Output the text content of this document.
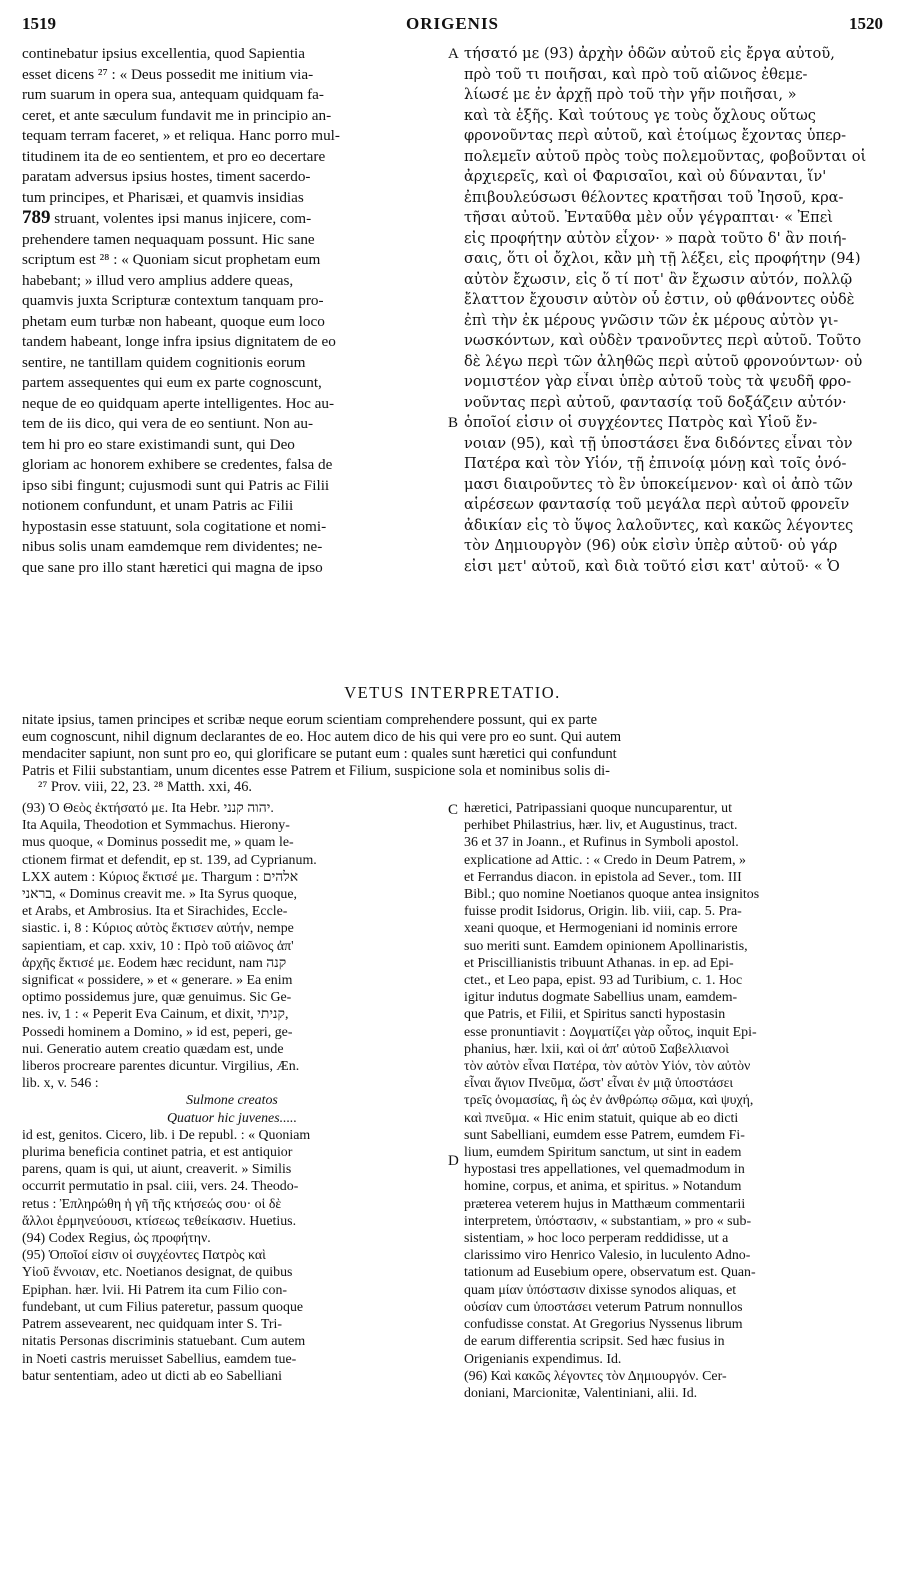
1519	ORIGENIS	1520
A
B
C
D
continebatur ipsius excellentia, quod Sapientia
esset dicens ²⁷ : « Deus possedit me initium via-
rum suarum in opera sua, antequam quidquam fa-
ceret, et ante sæculum fundavit me in principio an-
tequam terram faceret, » et reliqua. Hanc porro mul-
titudinem ita de eo sentientem, et pro eo decertare
paratam adversus ipsius hostes, timent sacerdo-
tum principes, et Pharisæi, et quamvis insidias
789 struant, volentes ipsi manus injicere, com-
prehendere tamen nequaquam possunt. Hic sane
scriptum est ²⁸ : « Quoniam sicut prophetam eum
habebant; » illud vero amplius addere queas,
quamvis juxta Scripturæ contextum tanquam pro-
phetam eum turbæ non habeant, quoque eum loco
tandem habeant, longe infra ipsius dignitatem de eo
sentire, ne tantillam quidem cognitionis eorum
partem assequentes qui eum ex parte cognoscunt,
neque de eo quidquam aperte intelligentes. Hoc au-
tem de iis dico, qui vera de eo sentiunt. Non au-
tem hi pro eo stare existimandi sunt, qui Deo
gloriam ac honorem exhibere se credentes, falsa de
ipso sibi fingunt; cujusmodi sunt qui Patris ac Filii
notionem confundunt, et unam Patris ac Filii
hypostasin esse statuunt, sola cogitatione et nomi-
nibus solis unam eamdemque rem dividentes; ne-
que sane pro illo stant hæretici qui magna de ipso
τήσατό με (93) ἀρχὴν ὁδῶν αὐτοῦ εἰς ἔργα αὐτοῦ,
πρὸ τοῦ τι ποιῆσαι, καὶ πρὸ τοῦ αἰῶνος ἐθεμε-
λίωσέ με ἐν ἀρχῇ πρὸ τοῦ τὴν γῆν ποιῆσαι, »
καὶ τὰ ἑξῆς. Καὶ τούτους γε τοὺς ὄχλους οὕτως
φρονοῦντας περὶ αὐτοῦ, καὶ ἑτοίμως ἔχοντας ὑπερ-
πολεμεῖν αὐτοῦ πρὸς τοὺς πολεμοῦντας, φοβοῦνται οἱ
ἀρχιερεῖς, καὶ οἱ Φαρισαῖοι, καὶ οὐ δύνανται, ἵν'
ἐπιβουλεύσωσι θέλοντες κρατῆσαι τοῦ Ἰησοῦ, κρα-
τῆσαι αὐτοῦ. Ἐνταῦθα μὲν οὖν γέγραπται· « Ἐπεὶ
εἰς προφήτην αὐτὸν εἶχον· » παρὰ τοῦτο δ' ἂν ποιή-
σαις, ὅτι οἱ ὄχλοι, κἂν μὴ τῇ λέξει, εἰς προφήτην (94)
αὐτὸν ἔχωσιν, εἰς ὅ τί ποτ' ἂν ἔχωσιν αὐτόν, πολλῷ
ἔλαττον ἔχουσιν αὐτὸν οὗ ἐστιν, οὐ φθάνοντες οὐδὲ
ἐπὶ τὴν ἐκ μέρους γνῶσιν τῶν ἐκ μέρους αὐτὸν γι-
νωσκόντων, καὶ οὐδὲν τρανοῦντες περὶ αὐτοῦ. Τοῦτο
δὲ λέγω περὶ τῶν ἀληθῶς περὶ αὐτοῦ φρονούντων· οὐ
νομιστέον γὰρ εἶναι ὑπὲρ αὐτοῦ τοὺς τὰ ψευδῆ φρο-
νοῦντας περὶ αὐτοῦ, φαντασίᾳ τοῦ δοξάζειν αὐτόν·
ὁποῖοί εἰσιν οἱ συγχέοντες Πατρὸς καὶ Υἱοῦ ἔν-
νοιαν (95), καὶ τῇ ὑποστάσει ἕνα διδόντες εἶναι τὸν
Πατέρα καὶ τὸν Υἱόν, τῇ ἐπινοίᾳ μόνῃ καὶ τοῖς ὀνό-
μασι διαιροῦντες τὸ ἓν ὑποκείμενον· καὶ οἱ ἀπὸ τῶν
αἱρέσεων φαντασίᾳ τοῦ μεγάλα περὶ αὐτοῦ φρονεῖν
ἀδικίαν εἰς τὸ ὕψος λαλοῦντες, καὶ κακῶς λέγοντες
τὸν Δημιουργὸν (96) οὐκ εἰσὶν ὑπὲρ αὐτοῦ· οὐ γάρ
εἰσι μετ' αὐτοῦ, καὶ διὰ τοῦτό εἰσι κατ' αὐτοῦ· « Ὁ
VETUS INTERPRETATIO.
nitate ipsius, tamen principes et scribæ neque eorum scientiam comprehendere possunt, qui ex parte
eum cognoscunt, nihil dignum declarantes de eo. Hoc autem dico de his qui vere pro eo sunt. Qui autem
mendaciter sapiunt, non sunt pro eo, qui glorificare se putant eum : quales sunt hæretici qui confundunt
Patris et Filii substantiam, unum dicentes esse Patrem et Filium, suspicione sola et nominibus solis di-
²⁷ Prov. viii, 22, 23. ²⁸ Matth. xxi, 46.
(93) Ὁ Θεὸς ἐκτήσατό με. Ita Hebr. יהוה קנני.
Ita Aquila, Theodotion et Symmachus. Hierony-
mus quoque, « Dominus possedit me, » quam le-
ctionem firmat et defendit, ep st. 139, ad Cyprianum.
LXX autem : Κύριος ἔκτισέ με. Thargum : אלהים
בראני, « Dominus creavit me. » Ita Syrus quoque,
et Arabs, et Ambrosius. Ita et Sirachides, Eccle-
siastic. i, 8 : Κύριος αὐτὸς ἔκτισεν αὐτήν, nempe
sapientiam, et cap. xxiv, 10 : Πρὸ τοῦ αἰῶνος ἀπ'
ἀρχῆς ἔκτισέ με. Eodem hæc recidunt, nam קנה
significat « possidere, » et « generare. » Ea enim
optimo possidemus jure, quæ genuimus. Sic Ge-
nes. iv, 1 : « Peperit Eva Cainum, et dixit, קניתי,
Possedi hominem a Domino, » id est, peperi, ge-
nui. Generatio autem creatio quædam est, unde
liberos procreare parentes dicuntur. Virgilius, Æn.
lib. x, v. 546 :
Sulmone creatos
Quatuor hic juvenes.....
id est, genitos. Cicero, lib. i De republ. : « Quoniam
plurima beneficia continet patria, et est antiquior
parens, quam is qui, ut aiunt, creaverit. » Similis
occurrit permutatio in psal. ciii, vers. 24. Theodo-
retus : Ἐπληρώθη ἡ γῆ τῆς κτήσεώς σου· οἱ δὲ
ἄλλοι ἑρμηνεύουσι, κτίσεως τεθείκασιν. Huetius.
(94) Codex Regius, ὡς προφήτην.
(95) Ὁποῖοί εἰσιν οἱ συγχέοντες Πατρὸς καὶ
Υἱοῦ ἔννοιαν, etc. Noetianos designat, de quibus
Epiphan. hær. lvii. Hi Patrem ita cum Filio con-
fundebant, ut cum Filius pateretur, passum quoque
Patrem assevearent, nec quidquam inter S. Tri-
nitatis Personas discriminis statuebant. Cum autem
in Noeti castris meruisset Sabellius, eamdem tue-
batur sententiam, adeo ut dicti ab eo Sabelliani
hæretici, Patripassiani quoque nuncuparentur, ut
perhibet Philastrius, hær. liv, et Augustinus, tract.
36 et 37 in Joann., et Rufinus in Symboli apostol.
explicatione ad Attic. : « Credo in Deum Patrem, »
et Ferrandus diacon. in epistola ad Sever., tom. III
Bibl.; quo nomine Noetianos quoque antea insignitos
fuisse prodit Isidorus, Origin. lib. viii, cap. 5. Pra-
xeani quoque, et Hermogeniani id nominis errore
suo meriti sunt. Eamdem opinionem Apollinaristis,
et Priscillianistis tribuunt Athanas. in ep. ad Epi-
ctet., et Leo papa, epist. 93 ad Turibium, c. 1. Hoc
igitur indutus dogmate Sabellius unam, eamdem-
que Patris, et Filii, et Spiritus sancti hypostasin
esse pronuntiavit : Δογματίζει γὰρ οὗτος, inquit Epi-
phanius, hær. lxii, καὶ οἱ ἀπ' αὐτοῦ Σαβελλιανοὶ
τὸν αὐτὸν εἶναι Πατέρα, τὸν αὐτὸν Υἱόν, τὸν αὐτὸν
εἶναι ἅγιον Πνεῦμα, ὥστ' εἶναι ἐν μιᾷ ὑποστάσει
τρεῖς ὀνομασίας, ἢ ὡς ἐν ἀνθρώπῳ σῶμα, καὶ ψυχή,
καὶ πνεῦμα. « Hic enim statuit, quique ab eo dicti
sunt Sabelliani, eumdem esse Patrem, eumdem Fi-
lium, eumdem Spiritum sanctum, ut sint in eadem
hypostasi tres appellationes, vel quemadmodum in
homine, corpus, et anima, et spiritus. » Notandum
præterea veterem hujus in Matthæum commentarii
interpretem, ὑπόστασιν, « substantiam, » pro « sub-
sistentiam, » hoc loco perperam reddidisse, ut a
clarissimo viro Henrico Valesio, in luculento Adno-
tationum ad Eusebium opere, observatum est. Quan-
quam μίαν ὑπόστασιν dixisse synodos aliquas, et
οὐσίαν cum ὑποστάσει veterum Patrum nonnullos
confudisse constat. At Gregorius Nyssenus librum
de earum differentia scripsit. Sed hæc fusius in
Origenianis expendimus. Id.
(96) Καὶ κακῶς λέγοντες τὸν Δημιουργόν. Cer-
doniani, Marcionitæ, Valentiniani, alii. Id.
